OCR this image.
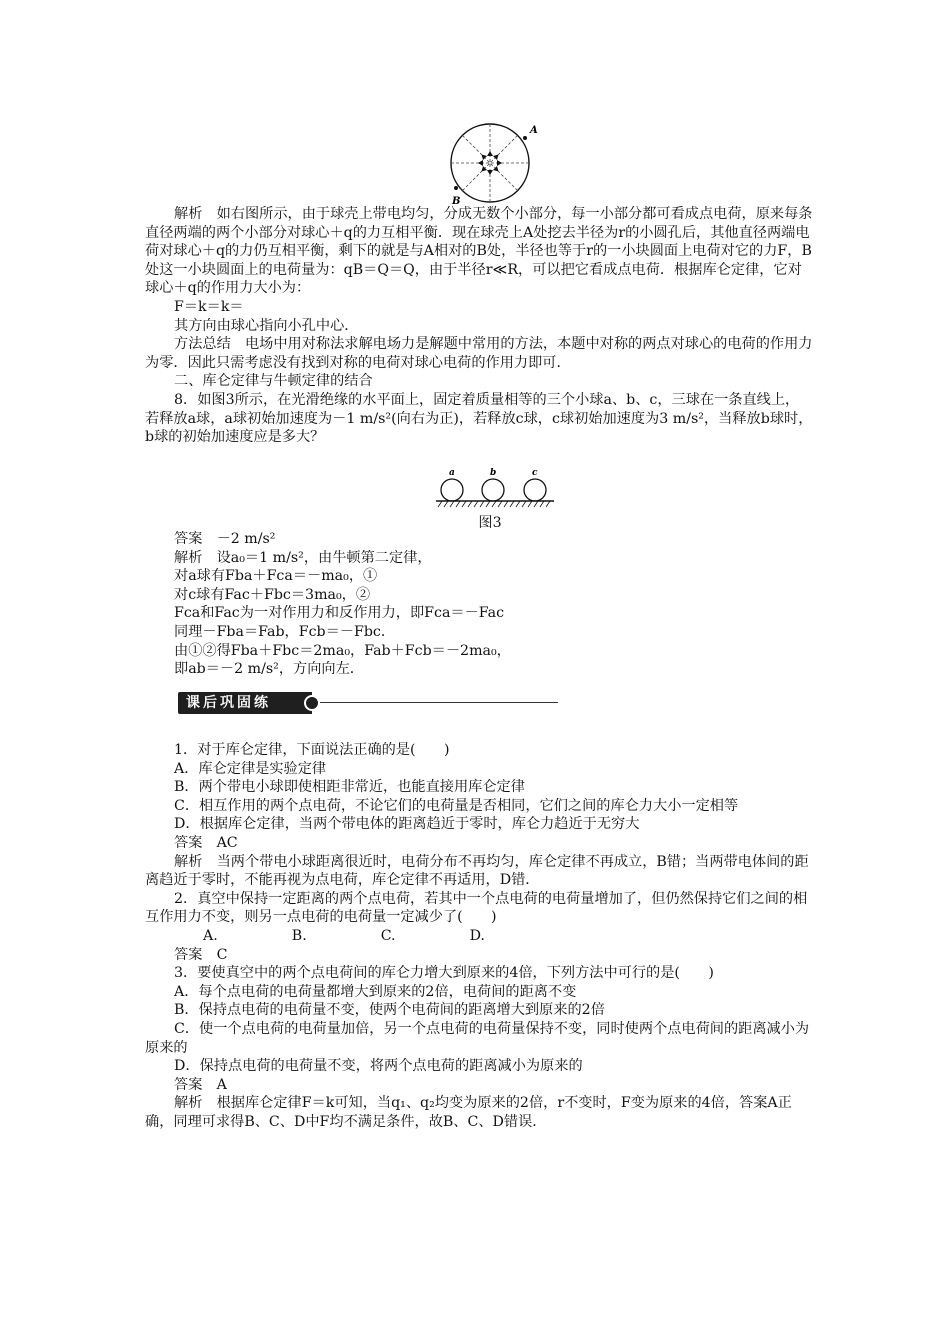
A
B

解析　如右图所示，由于球壳上带电均匀，分成无数个小部分，每一小部分都可看成点电荷，原来每条直径两端的两个小部分对球心＋q的力互相平衡．现在球壳上A处挖去半径为r的小圆孔后，其他直径两端电荷对球心＋q的力仍互相平衡，剩下的就是与A相对的B处，半径也等于r的一小块圆面上电荷对它的力F，B处这一小块圆面上的电荷量为：qB＝Q＝Q，由于半径r≪R，可以把它看成点电荷．根据库仑定律，它对球心＋q的作用力大小为：

F＝k＝k＝

其方向由球心指向小孔中心．

方法总结　电场中用对称法求解电场力是解题中常用的方法，本题中对称的两点对球心的电荷的作用力为零．因此只需考虑没有找到对称的电荷对球心电荷的作用力即可．

二、库仑定律与牛顿定律的结合

8．如图3所示，在光滑绝缘的水平面上，固定着质量相等的三个小球a、b、c，三球在一条直线上，若释放a球，a球初始加速度为－1 m/s²(向右为正)，若释放c球，c球初始加速度为3 m/s²，当释放b球时，b球的初始加速度应是多大？

a	b	c
图3

答案　－2 m/s²

解析　设a₀＝1 m/s²，由牛顿第二定律，

对a球有Fba＋Fca＝－ma₀，①

对c球有Fac＋Fbc＝3ma₀，②

Fca和Fac为一对作用力和反作用力，即Fca＝－Fac

同理－Fba＝Fab，Fcb＝－Fbc．

由①②得Fba＋Fbc＝2ma₀，Fab＋Fcb＝－2ma₀，

即ab＝－2 m/s²，方向向左．

课后巩固练

1．对于库仑定律，下面说法正确的是(　　)

A．库仑定律是实验定律

B．两个带电小球即使相距非常近，也能直接用库仑定律

C．相互作用的两个点电荷，不论它们的电荷量是否相同，它们之间的库仑力大小一定相等

D．根据库仑定律，当两个带电体的距离趋近于零时，库仑力趋近于无穷大

答案　AC

解析　当两个带电小球距离很近时，电荷分布不再均匀，库仑定律不再成立，B错；当两带电体间的距离趋近于零时，不能再视为点电荷，库仑定律不再适用，D错．

2．真空中保持一定距离的两个点电荷，若其中一个点电荷的电荷量增加了，但仍然保持它们之间的相互作用力不变，则另一点电荷的电荷量一定减少了(　　)

A.	B.	C.	D.

答案　C

3．要使真空中的两个点电荷间的库仑力增大到原来的4倍，下列方法中可行的是(　　)

A．每个点电荷的电荷量都增大到原来的2倍，电荷间的距离不变

B．保持点电荷的电荷量不变，使两个电荷间的距离增大到原来的2倍

C．使一个点电荷的电荷量加倍，另一个点电荷的电荷量保持不变，同时使两个点电荷间的距离减小为原来的

D．保持点电荷的电荷量不变，将两个点电荷的距离减小为原来的

答案　A

解析　根据库仑定律F＝k可知，当q₁、q₂均变为原来的2倍，r不变时，F变为原来的4倍，答案A正确，同理可求得B、C、D中F均不满足条件，故B、C、D错误．
